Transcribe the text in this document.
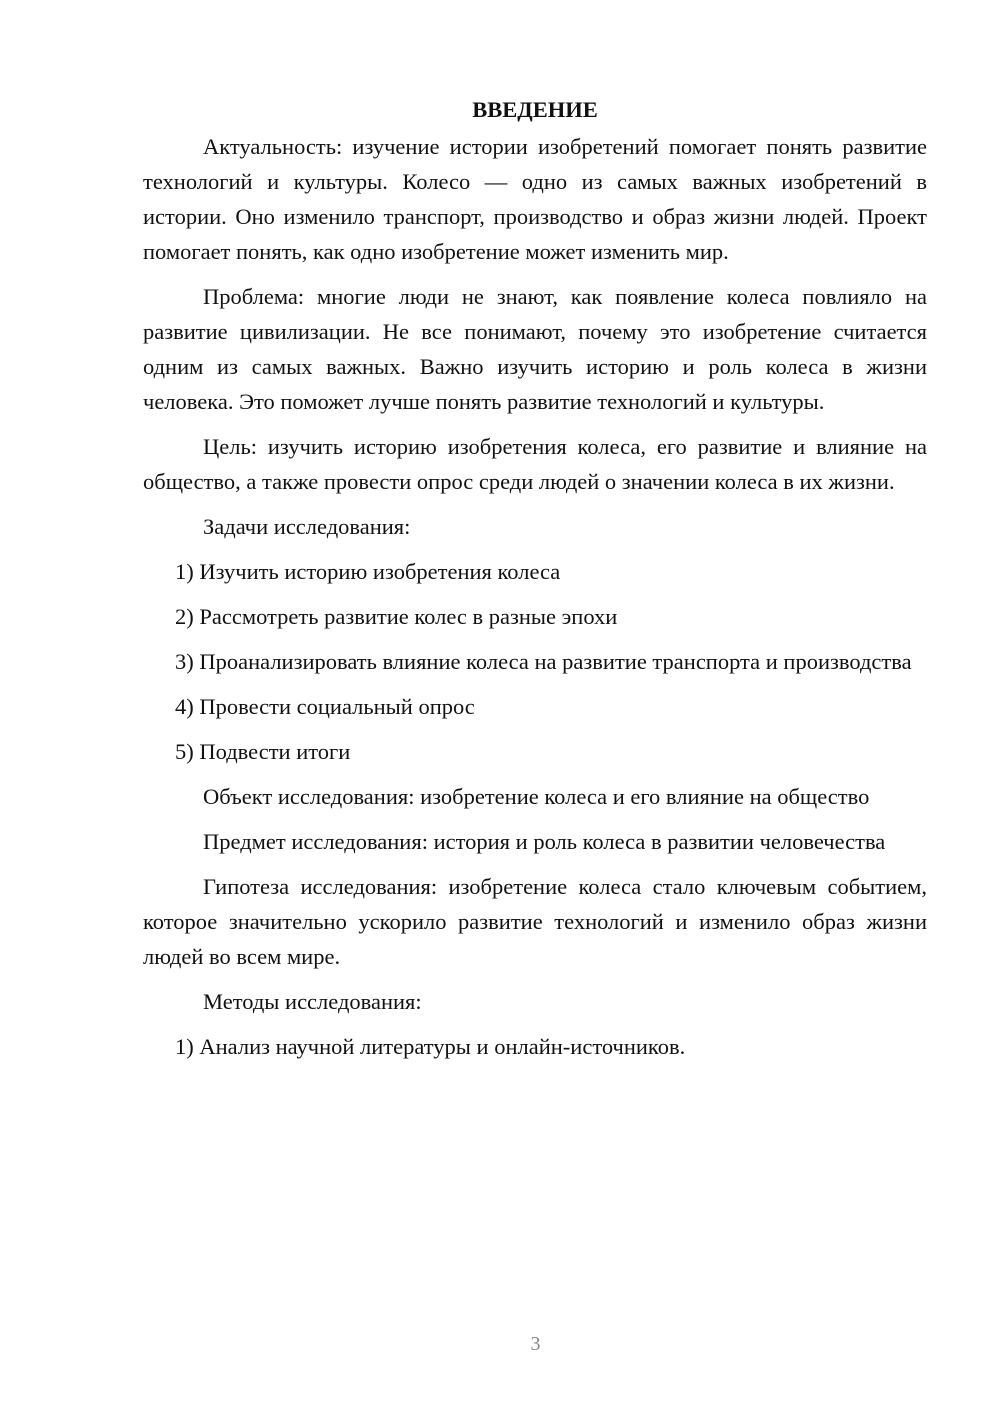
ВВЕДЕНИЕ
Актуальность: изучение истории изобретений помогает понять развитие технологий и культуры. Колесо — одно из самых важных изобретений в истории. Оно изменило транспорт, производство и образ жизни людей. Проект помогает понять, как одно изобретение может изменить мир.
Проблема: многие люди не знают, как появление колеса повлияло на развитие цивилизации. Не все понимают, почему это изобретение считается одним из самых важных. Важно изучить историю и роль колеса в жизни человека. Это поможет лучше понять развитие технологий и культуры.
Цель: изучить историю изобретения колеса, его развитие и влияние на общество, а также провести опрос среди людей о значении колеса в их жизни.
Задачи исследования:
1) Изучить историю изобретения колеса
2) Рассмотреть развитие колес в разные эпохи
3) Проанализировать влияние колеса на развитие транспорта и производства
4) Провести социальный опрос
5) Подвести итоги
Объект исследования: изобретение колеса и его влияние на общество
Предмет исследования: история и роль колеса в развитии человечества
Гипотеза исследования: изобретение колеса стало ключевым событием, которое значительно ускорило развитие технологий и изменило образ жизни людей во всем мире.
Методы исследования:
1) Анализ научной литературы и онлайн-источников.
3
